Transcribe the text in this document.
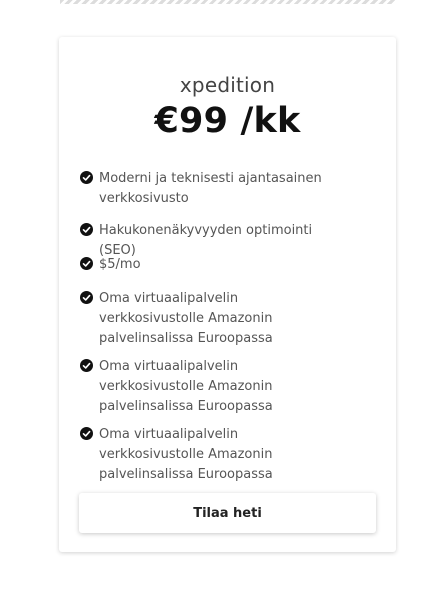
xpedition
€99 /kk
Moderni ja teknisesti ajantasainen verkkosivusto
Hakukonenäkyvyyden optimointi (SEO)
$5/mo
Oma virtuaalipalvelin verkkosivustolle Amazonin palvelinsalissa Euroopassa
Oma virtuaalipalvelin verkkosivustolle Amazonin palvelinsalissa Euroopassa
Oma virtuaalipalvelin verkkosivustolle Amazonin palvelinsalissa Euroopassa
Tilaa heti
